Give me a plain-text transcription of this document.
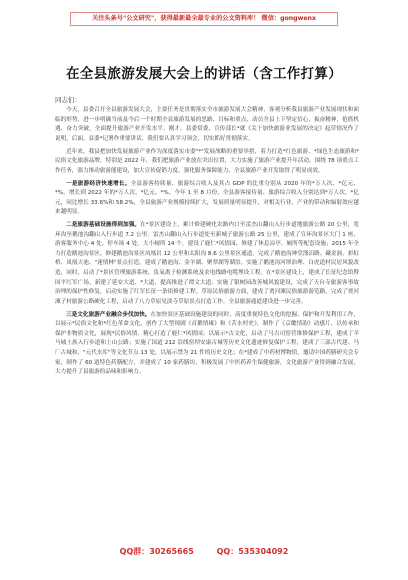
关注头条号"公文研究"，获得最新最全最专业的公文资料库！ 微信：gongwenx
在全县旅游发展大会上的讲话（含工作打算）
同志们：

今天，县委召开全县旅游发展大会，主要任务是贯彻落实全市旅游发展大会精神，客观分析我县旅游产业发展现状和面临的形势，进一步明确当前及今后一个时期全县旅游发展的思路、目标和重点，动员全县上下坚定信心，振奋精神，抢抓机遇，奋力突破，全面提升旅游产业开发水平。刚才，县委常委、宣传部长*就《关于加快旅游业发展的决定》起草情况作了说明，后面，县委*记署作重要讲话，我们要认真学习领会，切实抓好贯彻落实。

近年来，我县把加快发展旅游产业作为深度落实市委"*"发展战略的重要举措，着力打造*红色旅游、*绿色生态旅游和*民俗文化旅游品牌，特别是 2022 年，我们把旅游产业放在突出位置，大力实施了旅游产业提升年活动，围绕 78 项重点工作任务，强力推动旅游能建设，加大宣传促销力度，强化服务保障能力，全县旅游产业开发取得了明显成效。

一是旅游经济快速增长。全县游客持续量、旅游综合收入及其占 GDP 的比重分别从 2020 年的*万人次、*亿元、*%，增长到 2022 年的*万人次、*亿元、*%。今年 1 至 8 月份，全县游客接待量、旅游综合收入分别达到*万人次、*亿元，同比增长 33.6%和 58.2%，全县旅游产业规模持续扩大，发展质量明显提升，对相关行业、产业的带动和辐射效应越来越明显。

二是旅游基础设施得到加强。在*景区建设上，累计修建硬化农路内口至雷杰山翻山入行步道地旅游公路 20 公里，宽环沟至鹅池沟翻山入行步道 7.2 公里。雷杰山翻山入行步道处至新城子旅游公路 25 公里，建成了宣环沟景区大门 1 座、游客服务中心 4 处、停车场 4 处、大小厕所 14 个，建设了鹿仁*风情园、修建了休息凉亭、厕所等配套设施；2015 年全力打造鹅池沟景区，修建鹅池沟景区凤凰岩 12 公里和太阳沟 8.6 公里景区通道，完成了鹅池沟神堂涤沼路、藏金洞、彩虹桥、凤凰天池、"迷情林"景点打造，建成了鹅池沟、金羊湖、聚翠湖等湖泊，实施了鹅池沟河坝治理、白虎道村民居风貌改造，同时，启动了*景区管理旅游系统、负氧离子检测系统及农电线路电缆埋设工程。在*景区建设上，建成了长征纪念馆暨国平红军广场，新建了延安大道、*大道，提高推进了谭文大道、实施了银树园改善城风貌建设，完成了天台寺旅游客事故治理的保护性修复，启动实施了红军长征一条街修建工程。草原民俗旅游方面，建成了贾河滩民俗旅游游览路，完成了贾河滩子村旅游公路硬化工程，启动了八力草原见淡寺草原景点打造工作。全县旅游通道建设进一步完善。

三是文化旅游产业融合步伐加快。在加快景区基础设施建设的同时，高度重视特色文化的挖掘、保护和开发利用工作，以展示*民俗文化和*红色革命文化，创作了大型现剧《首鹅情缘》和《苦水村史》，制作了《京畿情韵》动感片，以传承和保护非物质文化，展现*民俗风情、精心打造了鹿仁*风情园；以展示*古文化，启动了马古司窑营维修保护工程，建成了羊马城土族入行步道和上山公路；实施了国道 212 沿线窑坝安康古城等历史文化遗迹修复保护工程，建成了三部古代建、马厂古城和、"元代水库"等文化节点 13 处，以展示禁为 21 件的历史文化；在*建成了中药材博物馆，邀请中国药膳研究会专家，制作了 60 道特色药膳配方，并建成了 10 家药膳坊，积极发展了中医药养生保健旅游，文化旅游产业得到融合发展，大力提升了县旅游的品味和影响力。

QQ群：30265665	QQ：535304092
